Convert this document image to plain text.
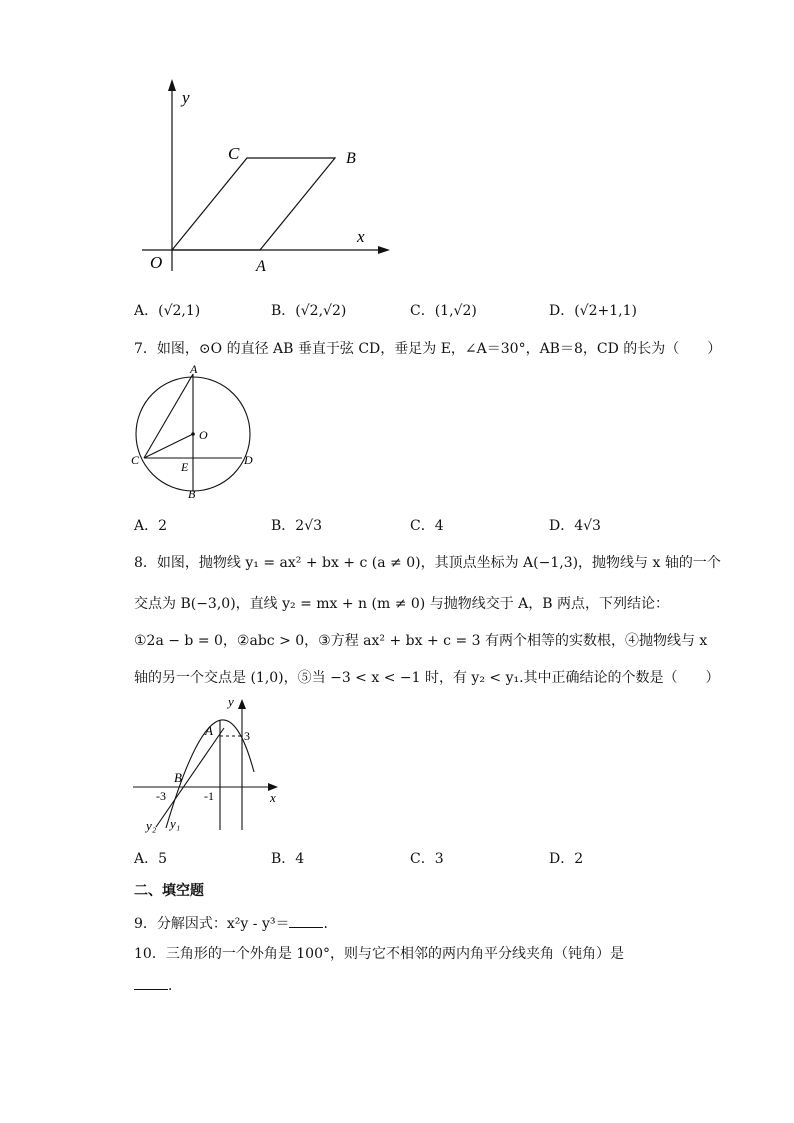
y
x
O	A
B
C
A．(√2,1)	B．(√2,√2)	C．(1,√2)	D．(√2+1,1)
7．如图，⊙O 的直径 AB 垂直于弦 CD，垂足为 E，∠A＝30°，AB＝8，CD 的长为（　　）
A
B
C	D
O
E
A．2	B．2√3	C．4	D．4√3
8．如图，抛物线 y₁ = ax² + bx + c (a ≠ 0)，其顶点坐标为 A(−1,3)，抛物线与 x 轴的一个
交点为 B(−3,0)，直线 y₂ = mx + n (m ≠ 0) 与抛物线交于 A，B 两点，下列结论：
①2a − b = 0，②abc > 0，③方程 ax² + bx + c = 3 有两个相等的实数根，④抛物线与 x
轴的另一个交点是 (1,0)，⑤当 −3 < x < −1 时，有 y₂ < y₁.其中正确结论的个数是（　　）
y
x
A
B
3
-3	-1
y₂ y₁
A．5	B．4	C．3	D．2
二、填空题
9．分解因式：x²y - y³＝ ．
10．三角形的一个外角是 100°，则与它不相邻的两内角平分线夹角（钝角）是
．
